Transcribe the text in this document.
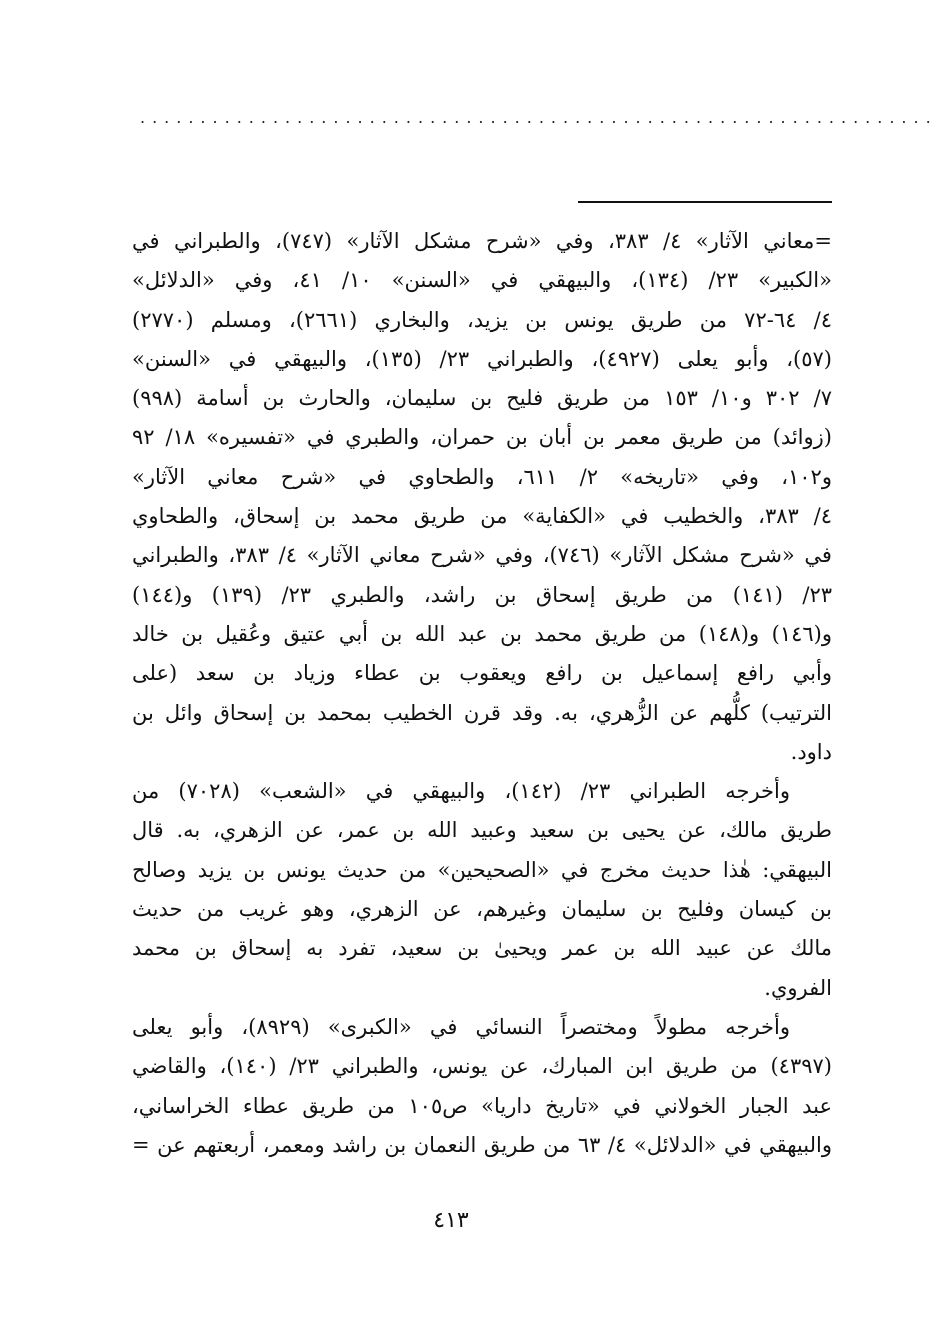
..................................................................
=معاني الآثار» ٤/ ٣٨٣، وفي «شرح مشكل الآثار» (٧٤٧)، والطبراني في
«الكبير» ٢٣/ (١٣٤)، والبيهقي في «السنن» ١٠/ ٤١، وفي «الدلائل»
٤/ ٦٤-٧٢ من طريق يونس بن يزيد، والبخاري (٢٦٦١)، ومسلم (٢٧٧٠)
(٥٧)، وأبو يعلى (٤٩٢٧)، والطبراني ٢٣/ (١٣٥)، والبيهقي في «السنن»
٧/ ٣٠٢ و١٠/ ١٥٣ من طريق فليح بن سليمان، والحارث بن أسامة (٩٩٨)
(زوائد) من طريق معمر بن أبان بن حمران، والطبري في «تفسيره» ١٨/ ٩٢
و١٠٢، وفي «تاريخه» ٢/ ٦١١، والطحاوي في «شرح معاني الآثار»
٤/ ٣٨٣، والخطيب في «الكفاية» من طريق محمد بن إسحاق، والطحاوي
في «شرح مشكل الآثار» (٧٤٦)، وفي «شرح معاني الآثار» ٤/ ٣٨٣، والطبراني
٢٣/ (١٤١) من طريق إسحاق بن راشد، والطبري ٢٣/ (١٣٩) و(١٤٤)
و(١٤٦) و(١٤٨) من طريق محمد بن عبد الله بن أبي عتيق وعُقيل بن خالد
وأبي رافع إسماعيل بن رافع ويعقوب بن عطاء وزياد بن سعد (على
الترتيب) كلُّهم عن الزُّهري، به. وقد قرن الخطيب بمحمد بن إسحاق وائل بن
داود.
وأخرجه الطبراني ٢٣/ (١٤٢)، والبيهقي في «الشعب» (٧٠٢٨) من
طريق مالك، عن يحيى بن سعيد وعبيد الله بن عمر، عن الزهري، به. قال
البيهقي: هٰذا حديث مخرج في «الصحيحين» من حديث يونس بن يزيد وصالح
بن كيسان وفليح بن سليمان وغيرهم، عن الزهري، وهو غريب من حديث
مالك عن عبيد الله بن عمر ويحيىٰ بن سعيد، تفرد به إسحاق بن محمد
الفروي.
وأخرجه مطولاً ومختصراً النسائي في «الكبرى» (٨٩٢٩)، وأبو يعلى
(٤٣٩٧) من طريق ابن المبارك، عن يونس، والطبراني ٢٣/ (١٤٠)، والقاضي
عبد الجبار الخولاني في «تاريخ داريا» ص١٠٥ من طريق عطاء الخراساني،
والبيهقي في «الدلائل» ٤/ ٦٣ من طريق النعمان بن راشد ومعمر، أربعتهم عن =
٤١٣
